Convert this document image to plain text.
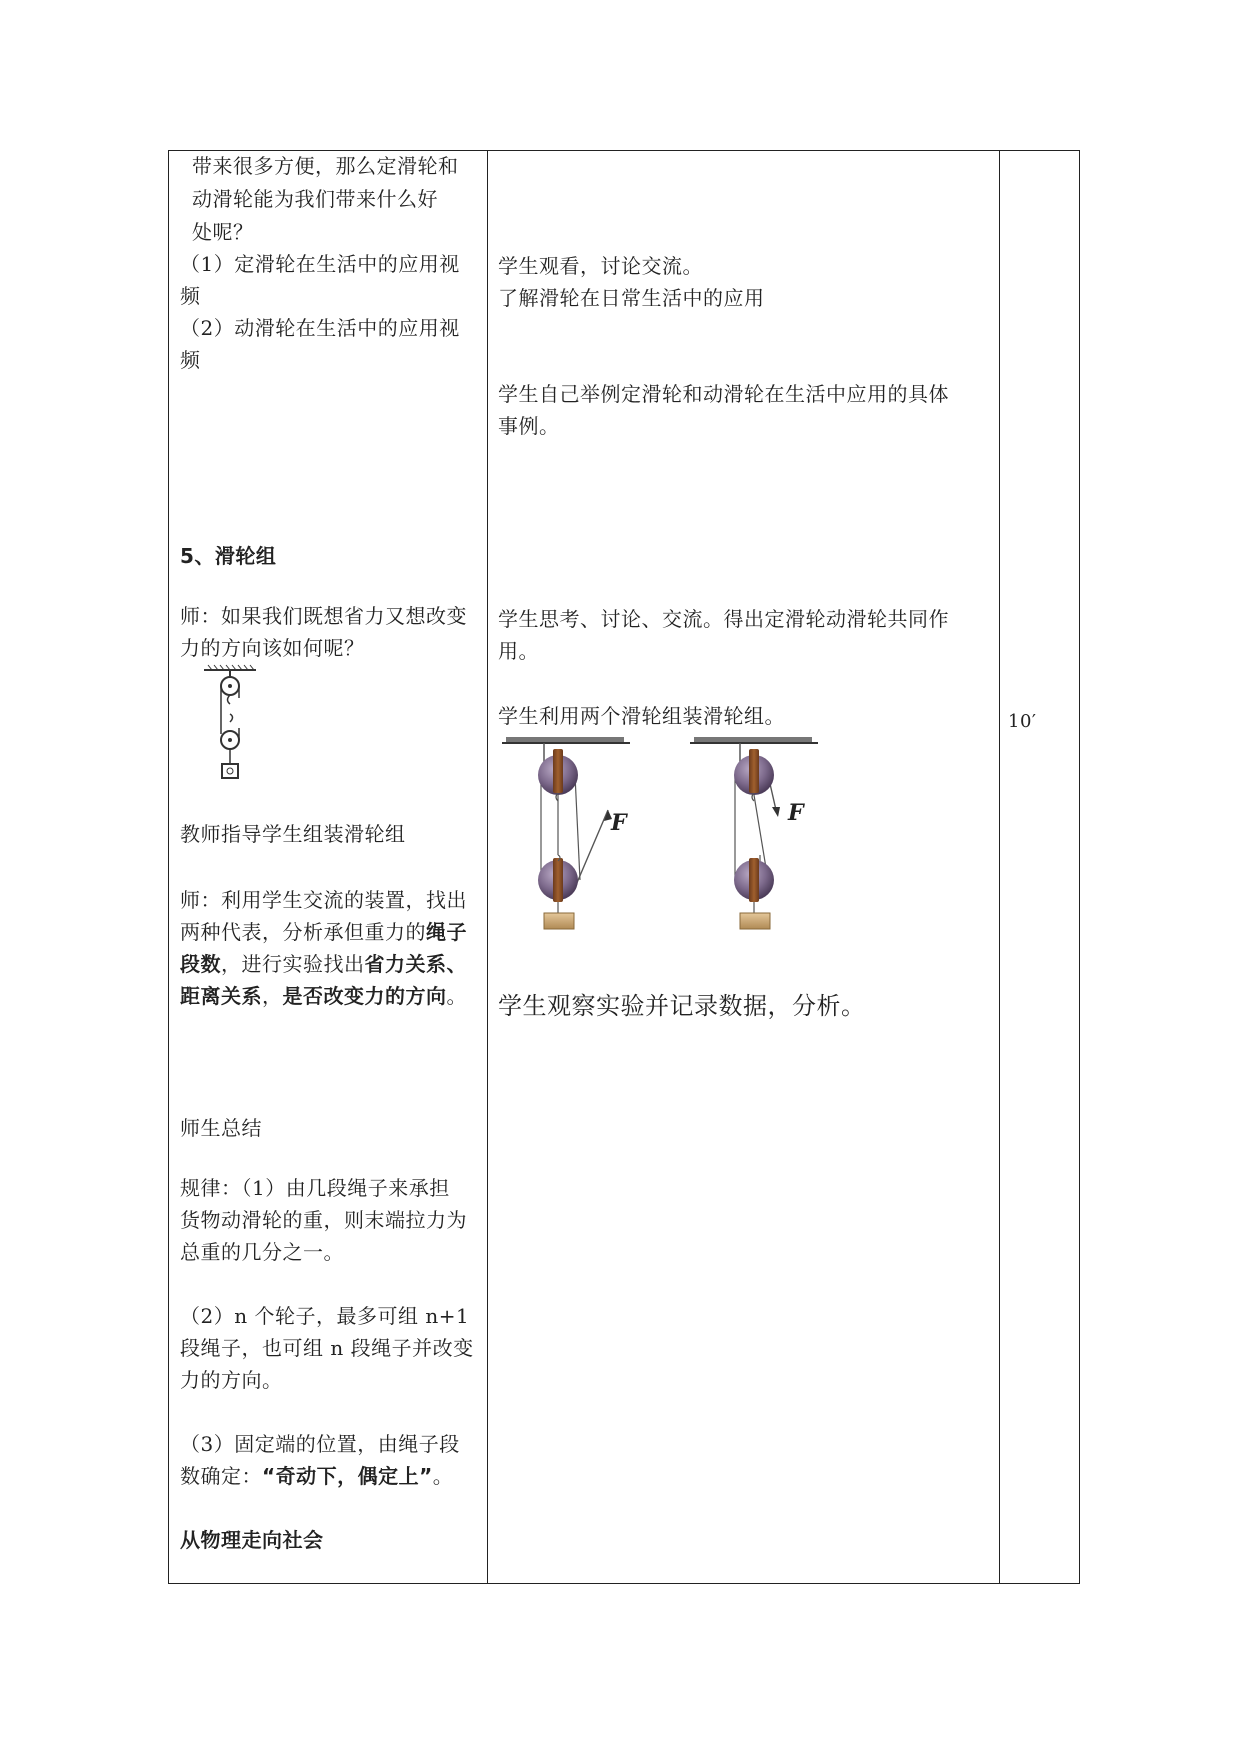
带来很多方便，那么定滑轮和
动滑轮能为我们带来什么好
处呢？
（1）定滑轮在生活中的应用视
频
（2）动滑轮在生活中的应用视
频
5、滑轮组
师：如果我们既想省力又想改变
力的方向该如何呢？
教师指导学生组装滑轮组
师：利用学生交流的装置，找出
两种代表，分析承但重力的绳子
段数，进行实验找出省力关系、
距离关系，是否改变力的方向。
师生总结
规律：（1）由几段绳子来承担
货物动滑轮的重，则末端拉力为
总重的几分之一。
（2）n 个轮子，最多可组 n+1
段绳子，也可组 n 段绳子并改变
力的方向。
（3）固定端的位置，由绳子段
数确定：“奇动下，偶定上”。
从物理走向社会
学生观看，讨论交流。
了解滑轮在日常生活中的应用
学生自己举例定滑轮和动滑轮在生活中应用的具体
事例。
学生思考、讨论、交流。得出定滑轮动滑轮共同作
用。
学生利用两个滑轮组装滑轮组。
F	F
学生观察实验并记录数据，分析。
10′
